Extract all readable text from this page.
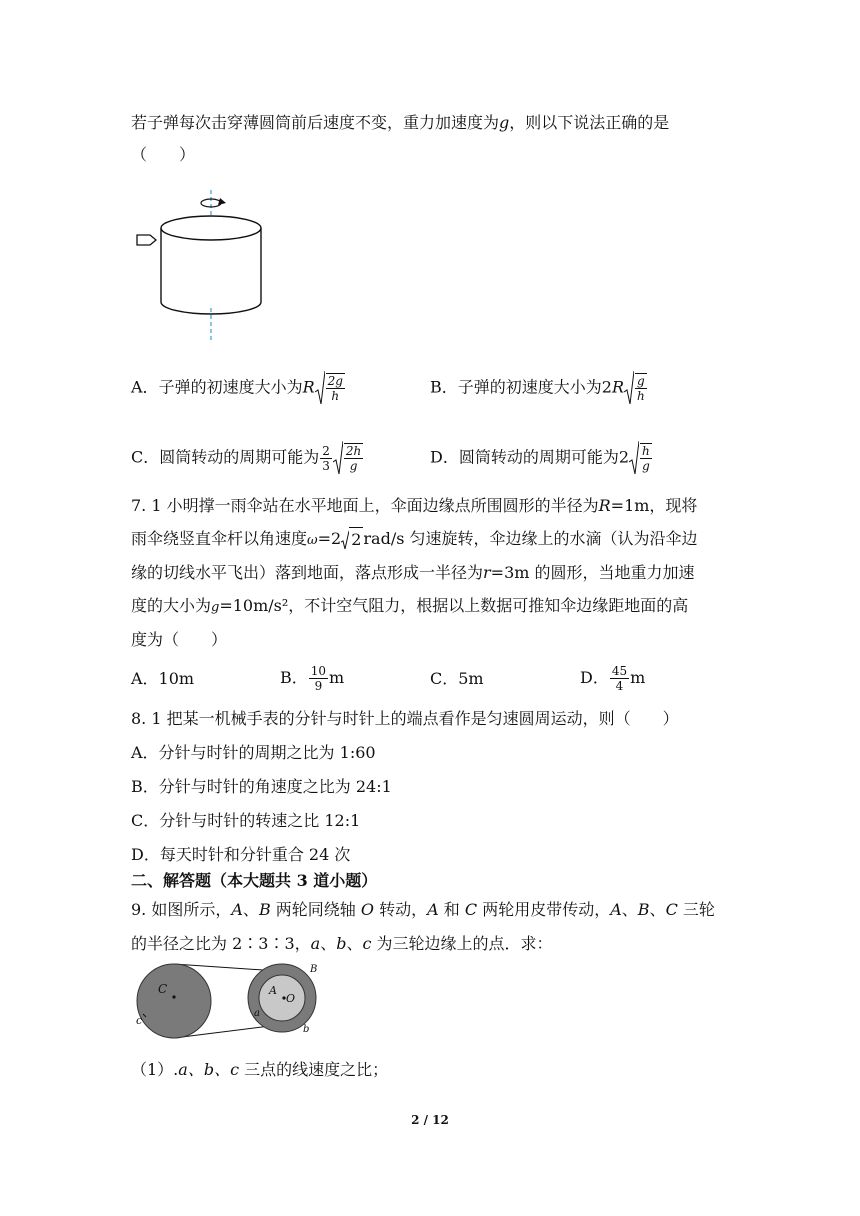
若子弹每次击穿薄圆筒前后速度不变，重力加速度为g，则以下说法正确的是
（　　）
A．子弹的初速度大小为R $\frac{2g}{h}$	B．子弹的初速度大小为$2R \frac{g}{h}$
C．圆筒转动的周期可能为 $\frac{2}{3} \frac{2h}{g}$	D．圆筒转动的周期可能为$2 \frac{h}{g}$
7. 1 小明撑一雨伞站在水平地面上，伞面边缘点所围圆形的半径为R=1m，现将
雨伞绕竖直伞杆以角速度ω=2 2 rad/s 匀速旋转，伞边缘上的水滴（认为沿伞边
缘的切线水平飞出）落到地面，落点形成一半径为r=3m 的圆形，当地重力加速
度的大小为g=10m/s²，不计空气阻力，根据以上数据可推知伞边缘距地面的高
度为（　　）
A．10m	B． $\frac{10}{9}$ m	C．5m	D． $\frac{45}{4}$ m
8. 1 把某一机械手表的分针与时针上的端点看作是匀速圆周运动，则（　　）
A．分针与时针的周期之比为 1:60
B．分针与时针的角速度之比为 24:1
C．分针与时针的转速之比 12:1
D．每天时针和分针重合 24 次
二、解答题（本大题共 3 道小题）
9. 如图所示，A、B 两轮同绕轴 O 转动，A 和 C 两轮用皮带传动，A、B、C 三轮
的半径之比为 2∶3∶3，a、b、c 为三轮边缘上的点．求：
C
c
A
O
B
a
b
（1）.a、b、c 三点的线速度之比；
2 / 12
